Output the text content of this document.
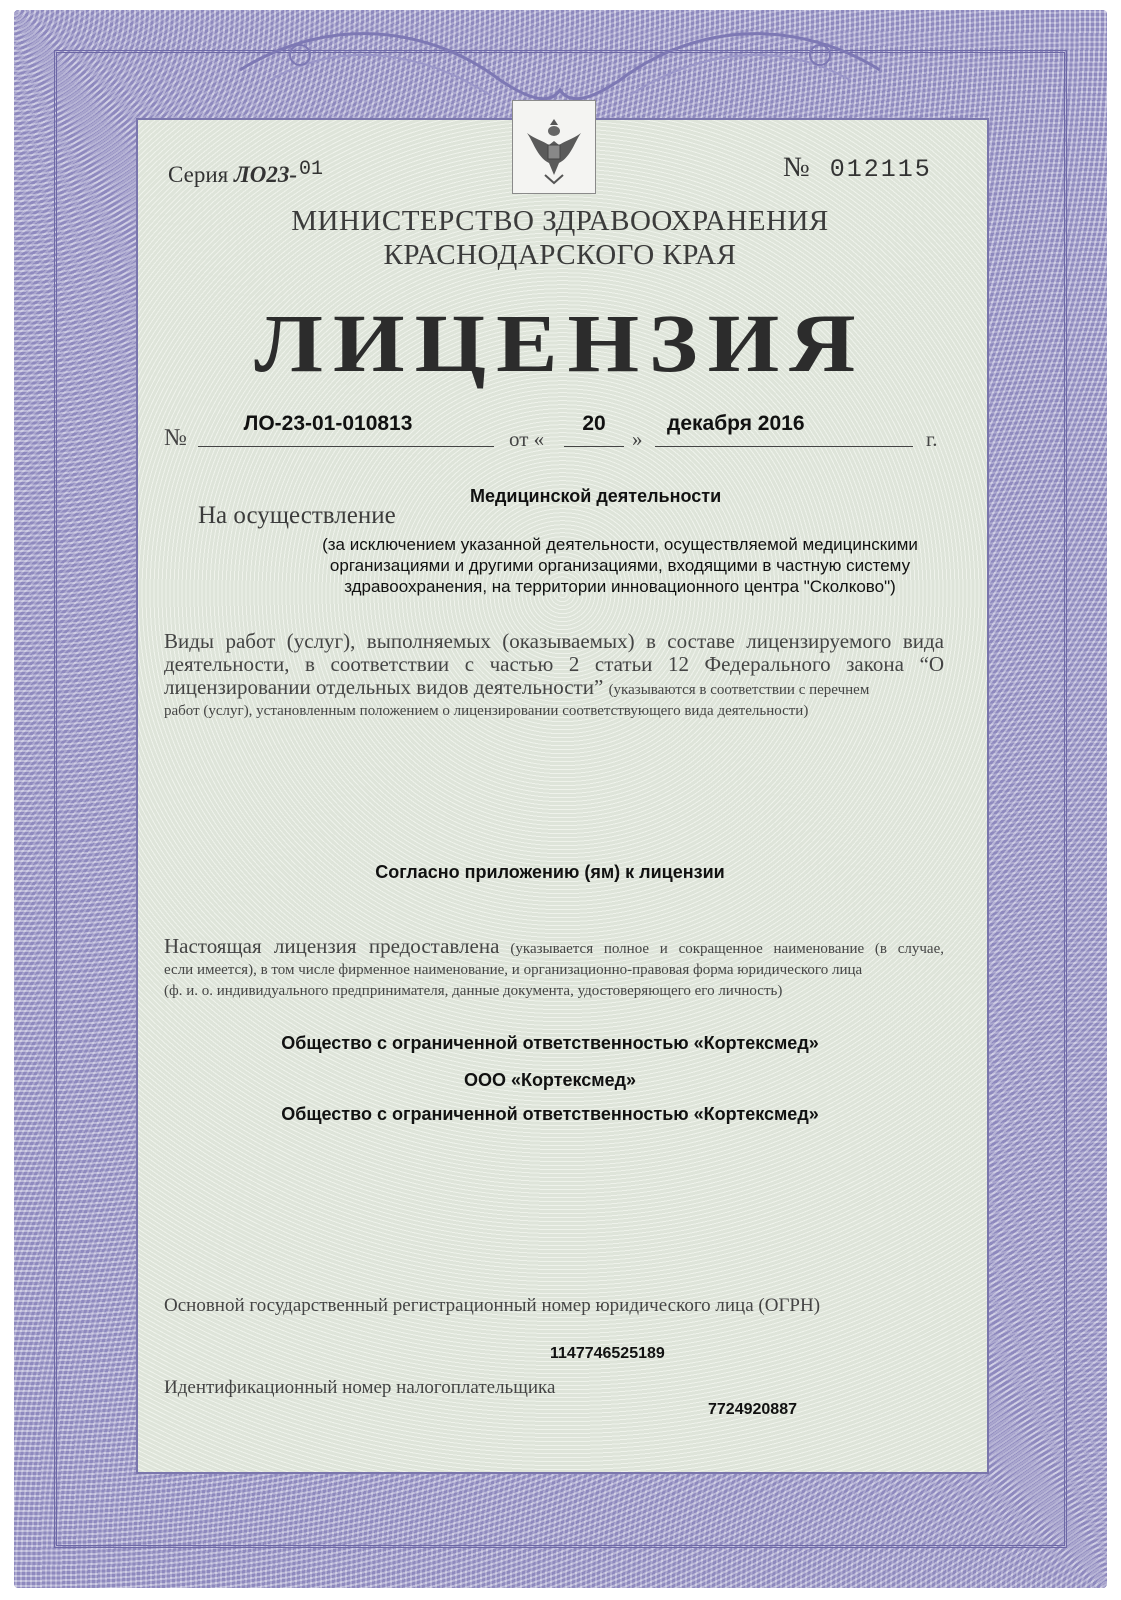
Серия ЛО23- $^{01}$	№ 012115
МИНИСТЕРСТВО ЗДРАВООХРАНЕНИЯ
КРАСНОДАРСКОГО КРАЯ
ЛИЦЕНЗИЯ
№
ЛО-23-01-010813
от «
20
»
декабря 2016
г.
Медицинской деятельности
На осуществление
(за исключением указанной деятельности, осуществляемой медицинскими
организациями и другими организациями, входящими в частную систему
здравоохранения, на территории инновационного центра "Сколково")
Виды работ (услуг), выполняемых (оказываемых) в составе лицензируемого вида
деятельности, в соответствии с частью 2 статьи 12 Федерального закона “О
лицензировании отдельных видов деятельности” (указываются в соответствии с перечнем
работ (услуг), установленным положением о лицензировании соответствующего вида деятельности)
Согласно приложению (ям) к лицензии
Настоящая лицензия предоставлена (указывается полное и сокращенное наименование (в случае,
если имеется), в том числе фирменное наименование, и организационно-правовая форма юридического лица
(ф. и. о. индивидуального предпринимателя, данные документа, удостоверяющего его личность)
Общество с ограниченной ответственностью «Кортексмед»
ООО «Кортексмед»
Общество с ограниченной ответственностью «Кортексмед»
Основной государственный регистрационный номер юридического лица (ОГРН)
1147746525189
Идентификационный номер налогоплательщика
7724920887
